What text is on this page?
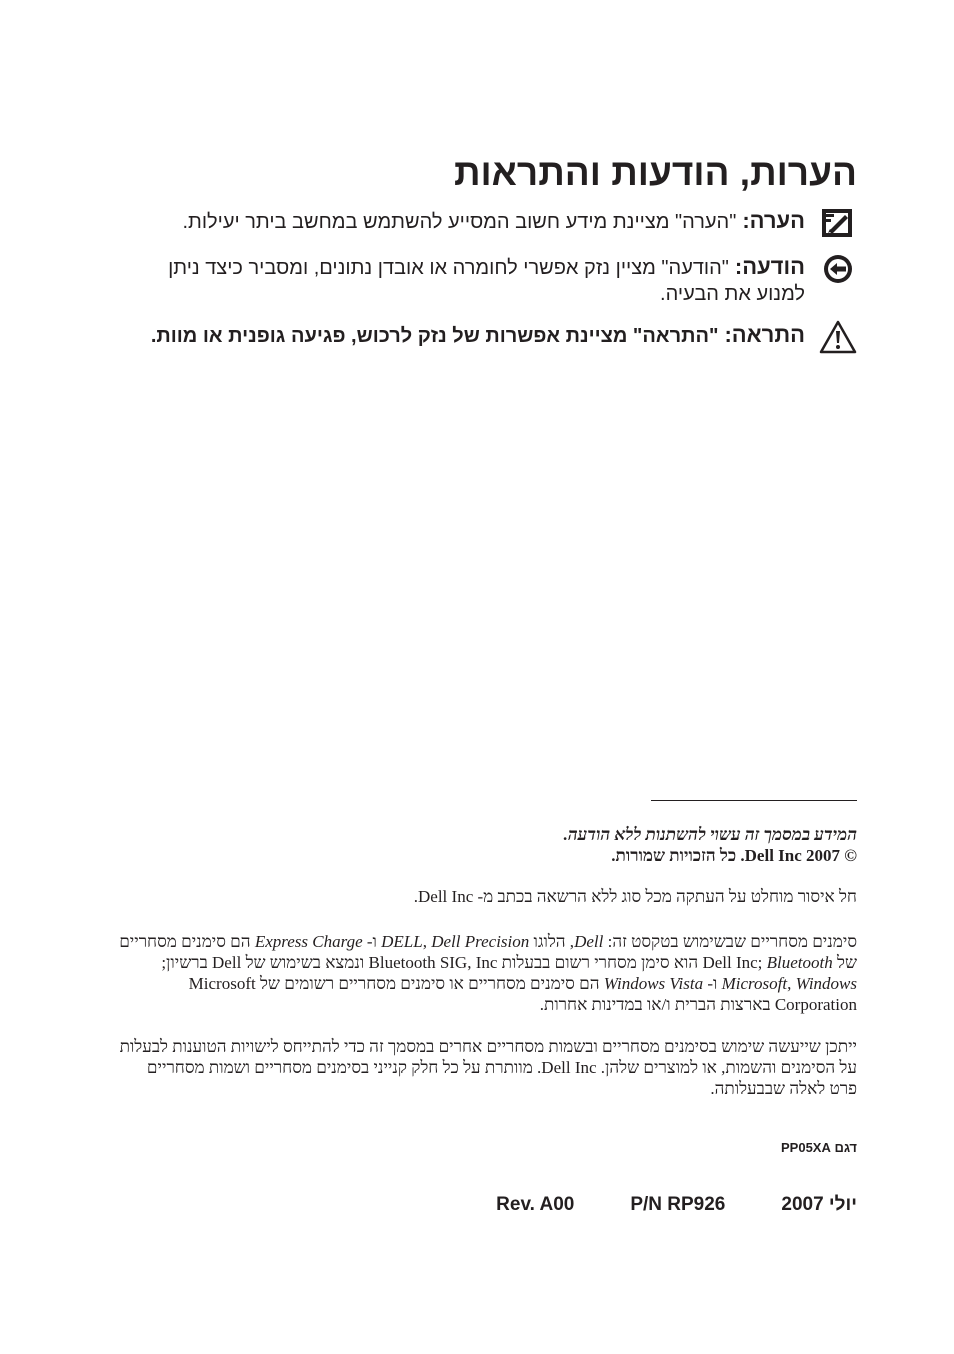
הערות, הודעות והתראות
הערה:"הערה" מציינת מידע חשוב המסייע להשתמש במחשב ביתר יעילות.
הודעה:"הודעה" מציין נזק אפשרי לחומרה או אובדן נתונים, ומסביר כיצד ניתן למנוע את הבעיה.
התראה:"התראה" מציינת אפשרות של נזק לרכוש, פגיעה גופנית או מוות.

המידע במסמך זה עשוי להשתנות ללא הודעה.
© 2007 Dell Inc. כל הזכויות שמורות.

חל איסור מוחלט על העתקה מכל סוג ללא הרשאה בכתב מ- Dell Inc.

סימנים מסחריים שבשימוש בטקסט זה: Dell, הלוגו DELL, Dell Precision ו- Express Charge הם סימנים מסחריים של Dell Inc; Bluetooth הוא סימן מסחרי רשום בבעלות Bluetooth SIG, Inc ונמצא בשימוש של Dell ברשיון; Microsoft, Windows ו- Windows Vista הם סימנים מסחריים או סימנים מסחריים רשומים של Microsoft Corporation בארצות הברית ו/או במדינות אחרות.

ייתכן שייעשה שימוש בסימנים מסחריים ובשמות מסחריים אחרים במסמך זה כדי להתייחס לישויות הטוענות לבעלות על הסימנים והשמות, או למוצרים שלהן. Dell Inc. מוותרת על כל חלק קנייני בסימנים מסחריים ושמות מסחריים פרט לאלה שבבעלותה.

דגם PP05XA
יולי 2007
P/N RP926
Rev. A00
